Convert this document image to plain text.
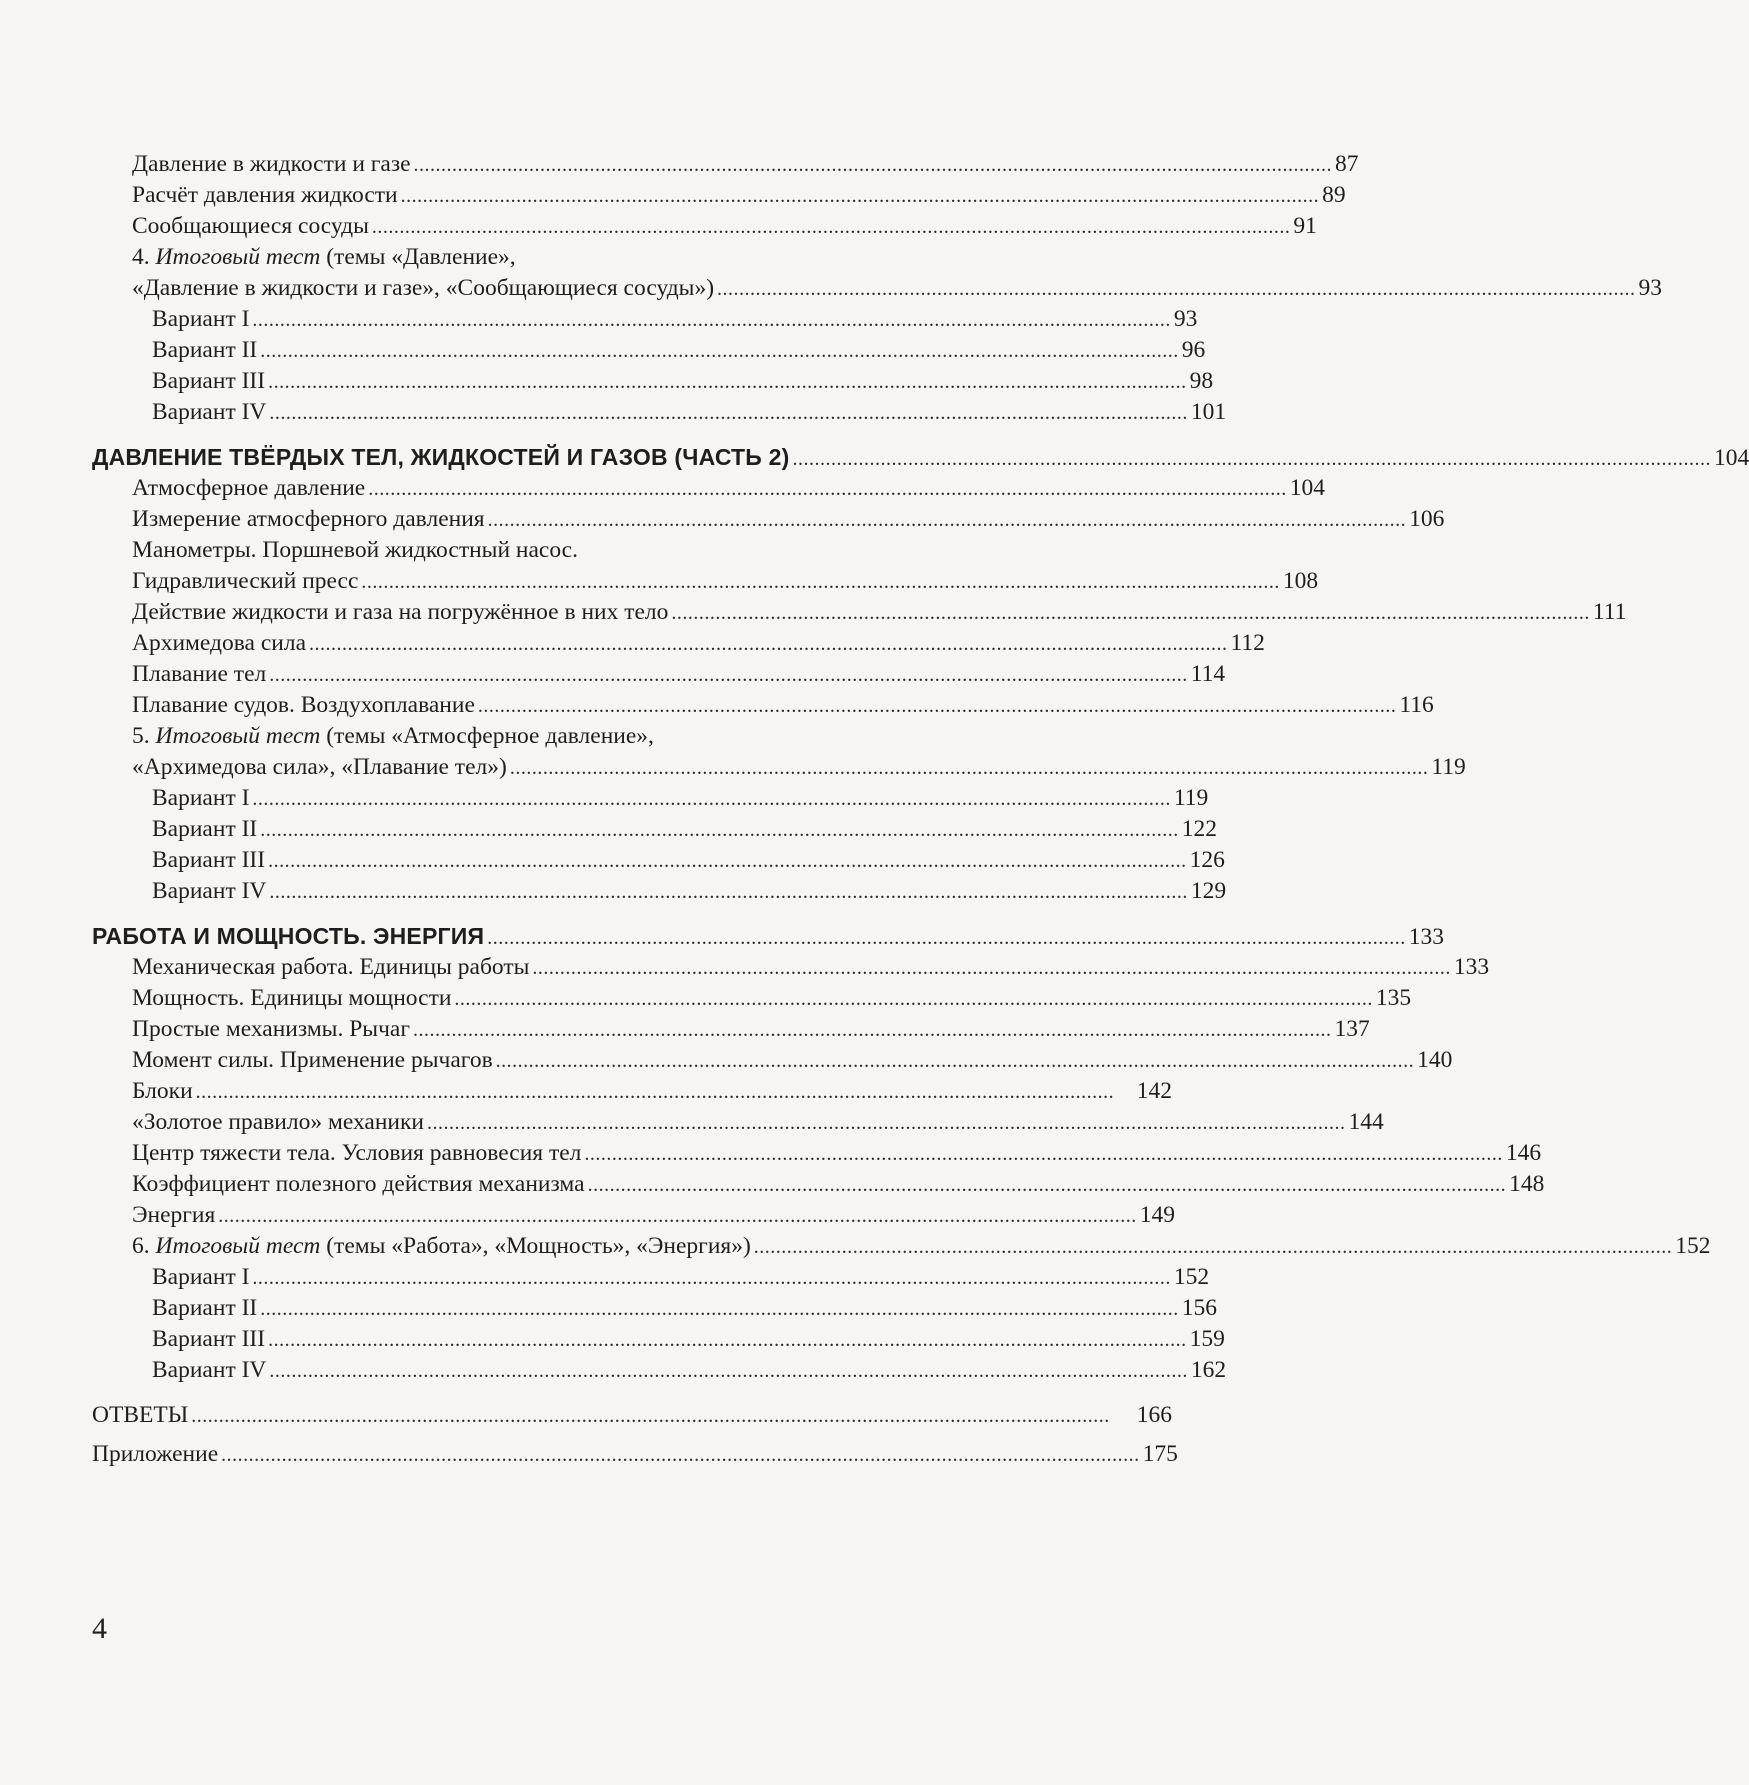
Давление в жидкости и газе ....................................................................................................................................................................... 87
Расчёт давления жидкости ....................................................................................................................................................................... 89
Сообщающиеся сосуды ....................................................................................................................................................................... 91
4. Итоговый тест (темы «Давление»,
«Давление в жидкости и газе», «Сообщающиеся сосуды») ....................................................................................................................................................................... 93
Вариант I ....................................................................................................................................................................... 93
Вариант II ....................................................................................................................................................................... 96
Вариант III ....................................................................................................................................................................... 98
Вариант IV ....................................................................................................................................................................... 101
ДАВЛЕНИЕ ТВЁРДЫХ ТЕЛ, ЖИДКОСТЕЙ И ГАЗОВ (ЧАСТЬ 2) ....................................................................................................................................................................... 104
Атмосферное давление ....................................................................................................................................................................... 104
Измерение атмосферного давления ....................................................................................................................................................................... 106
Манометры. Поршневой жидкостный насос.
Гидравлический пресс ....................................................................................................................................................................... 108
Действие жидкости и газа на погружённое в них тело ....................................................................................................................................................................... 111
Архимедова сила ....................................................................................................................................................................... 112
Плавание тел ....................................................................................................................................................................... 114
Плавание судов. Воздухоплавание ....................................................................................................................................................................... 116
5. Итоговый тест (темы «Атмосферное давление»,
«Архимедова сила», «Плавание тел») ....................................................................................................................................................................... 119
Вариант I ....................................................................................................................................................................... 119
Вариант II ....................................................................................................................................................................... 122
Вариант III ....................................................................................................................................................................... 126
Вариант IV ....................................................................................................................................................................... 129
РАБОТА И МОЩНОСТЬ. ЭНЕРГИЯ ....................................................................................................................................................................... 133
Механическая работа. Единицы работы ....................................................................................................................................................................... 133
Мощность. Единицы мощности ....................................................................................................................................................................... 135
Простые механизмы. Рычаг ....................................................................................................................................................................... 137
Момент силы. Применение рычагов ....................................................................................................................................................................... 140
Блоки ....................................................................................................................................................................... 142
«Золотое правило» механики ....................................................................................................................................................................... 144
Центр тяжести тела. Условия равновесия тел ....................................................................................................................................................................... 146
Коэффициент полезного действия механизма ....................................................................................................................................................................... 148
Энергия ....................................................................................................................................................................... 149
6. Итоговый тест (темы «Работа», «Мощность», «Энергия») ....................................................................................................................................................................... 152
Вариант I ....................................................................................................................................................................... 152
Вариант II ....................................................................................................................................................................... 156
Вариант III ....................................................................................................................................................................... 159
Вариант IV ....................................................................................................................................................................... 162
ОТВЕТЫ .......................................................................................................................................................................	166
Приложение ....................................................................................................................................................................... 175
4
